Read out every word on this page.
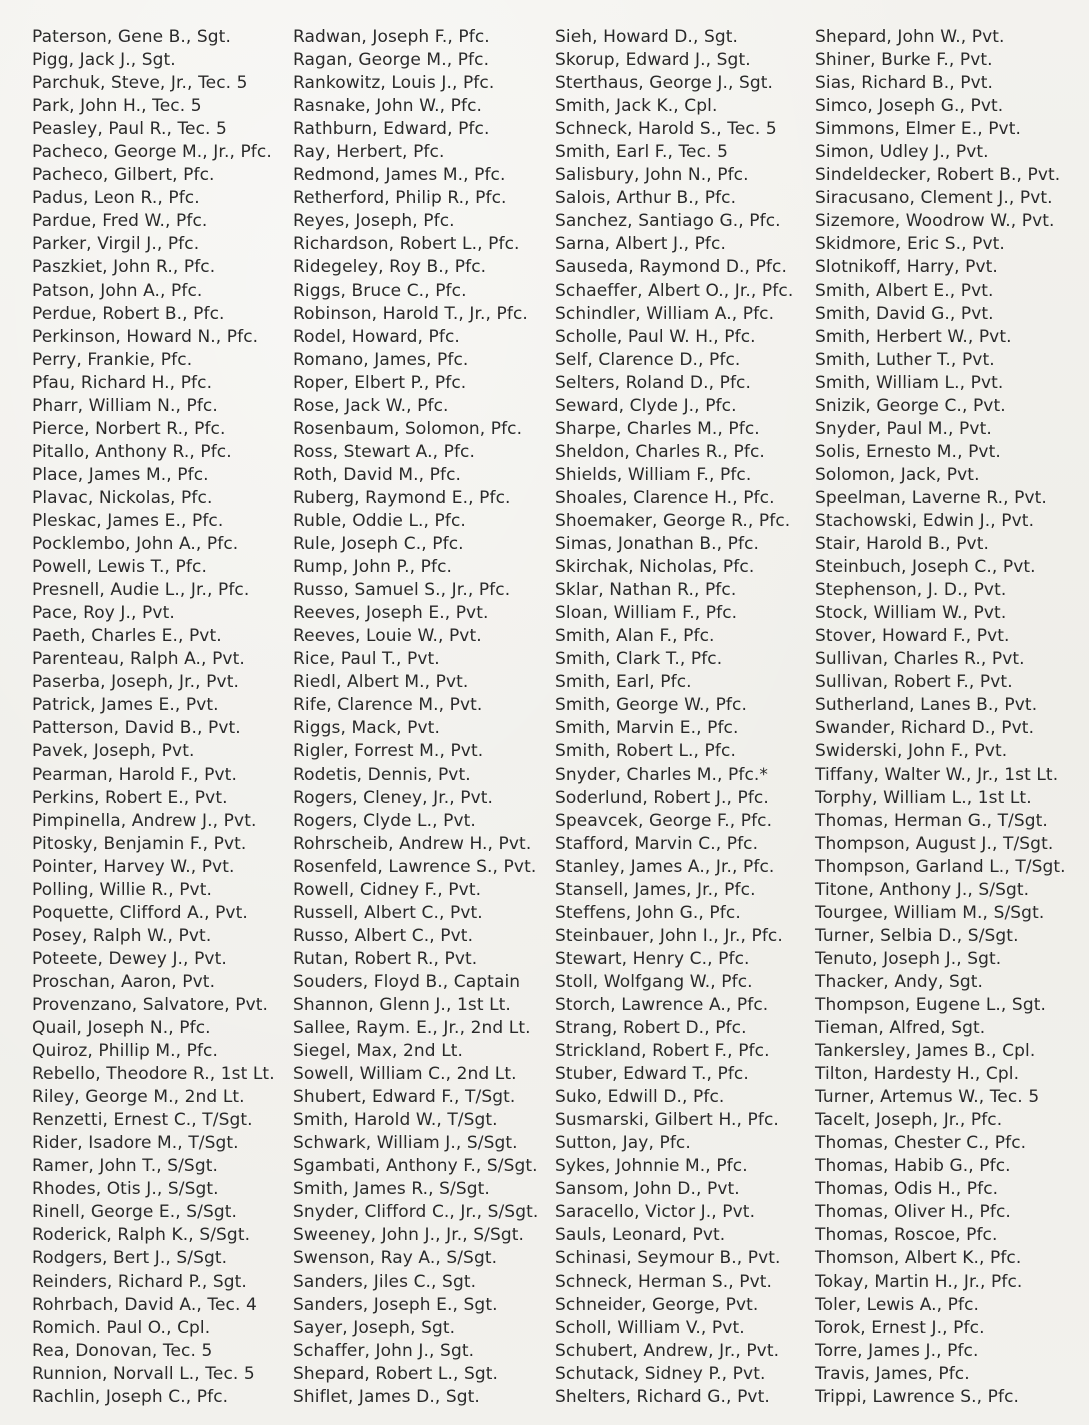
Paterson, Gene B., Sgt.
Pigg, Jack J., Sgt.
Parchuk, Steve, Jr., Tec. 5
Park, John H., Tec. 5
Peasley, Paul R., Tec. 5
Pacheco, George M., Jr., Pfc.
Pacheco, Gilbert, Pfc.
Padus, Leon R., Pfc.
Pardue, Fred W., Pfc.
Parker, Virgil J., Pfc.
Paszkiet, John R., Pfc.
Patson, John A., Pfc.
Perdue, Robert B., Pfc.
Perkinson, Howard N., Pfc.
Perry, Frankie, Pfc.
Pfau, Richard H., Pfc.
Pharr, William N., Pfc.
Pierce, Norbert R., Pfc.
Pitallo, Anthony R., Pfc.
Place, James M., Pfc.
Plavac, Nickolas, Pfc.
Pleskac, James E., Pfc.
Pocklembo, John A., Pfc.
Powell, Lewis T., Pfc.
Presnell, Audie L., Jr., Pfc.
Pace, Roy J., Pvt.
Paeth, Charles E., Pvt.
Parenteau, Ralph A., Pvt.
Paserba, Joseph, Jr., Pvt.
Patrick, James E., Pvt.
Patterson, David B., Pvt.
Pavek, Joseph, Pvt.
Pearman, Harold F., Pvt.
Perkins, Robert E., Pvt.
Pimpinella, Andrew J., Pvt.
Pitosky, Benjamin F., Pvt.
Pointer, Harvey W., Pvt.
Polling, Willie R., Pvt.
Poquette, Clifford A., Pvt.
Posey, Ralph W., Pvt.
Poteete, Dewey J., Pvt.
Proschan, Aaron, Pvt.
Provenzano, Salvatore, Pvt.
Quail, Joseph N., Pfc.
Quiroz, Phillip M., Pfc.
Rebello, Theodore R., 1st Lt.
Riley, George M., 2nd Lt.
Renzetti, Ernest C., T/Sgt.
Rider, Isadore M., T/Sgt.
Ramer, John T., S/Sgt.
Rhodes, Otis J., S/Sgt.
Rinell, George E., S/Sgt.
Roderick, Ralph K., S/Sgt.
Rodgers, Bert J., S/Sgt.
Reinders, Richard P., Sgt.
Rohrbach, David A., Tec. 4
Romich. Paul O., Cpl.
Rea, Donovan, Tec. 5
Runnion, Norvall L., Tec. 5
Rachlin, Joseph C., Pfc.
Radwan, Joseph F., Pfc.
Ragan, George M., Pfc.
Rankowitz, Louis J., Pfc.
Rasnake, John W., Pfc.
Rathburn, Edward, Pfc.
Ray, Herbert, Pfc.
Redmond, James M., Pfc.
Retherford, Philip R., Pfc.
Reyes, Joseph, Pfc.
Richardson, Robert L., Pfc.
Ridegeley, Roy B., Pfc.
Riggs, Bruce C., Pfc.
Robinson, Harold T., Jr., Pfc.
Rodel, Howard, Pfc.
Romano, James, Pfc.
Roper, Elbert P., Pfc.
Rose, Jack W., Pfc.
Rosenbaum, Solomon, Pfc.
Ross, Stewart A., Pfc.
Roth, David M., Pfc.
Ruberg, Raymond E., Pfc.
Ruble, Oddie L., Pfc.
Rule, Joseph C., Pfc.
Rump, John P., Pfc.
Russo, Samuel S., Jr., Pfc.
Reeves, Joseph E., Pvt.
Reeves, Louie W., Pvt.
Rice, Paul T., Pvt.
Riedl, Albert M., Pvt.
Rife, Clarence M., Pvt.
Riggs, Mack, Pvt.
Rigler, Forrest M., Pvt.
Rodetis, Dennis, Pvt.
Rogers, Cleney, Jr., Pvt.
Rogers, Clyde L., Pvt.
Rohrscheib, Andrew H., Pvt.
Rosenfeld, Lawrence S., Pvt.
Rowell, Cidney F., Pvt.
Russell, Albert C., Pvt.
Russo, Albert C., Pvt.
Rutan, Robert R., Pvt.
Souders, Floyd B., Captain
Shannon, Glenn J., 1st Lt.
Sallee, Raym. E., Jr., 2nd Lt.
Siegel, Max, 2nd Lt.
Sowell, William C., 2nd Lt.
Shubert, Edward F., T/Sgt.
Smith, Harold W., T/Sgt.
Schwark, William J., S/Sgt.
Sgambati, Anthony F., S/Sgt.
Smith, James R., S/Sgt.
Snyder, Clifford C., Jr., S/Sgt.
Sweeney, John J., Jr., S/Sgt.
Swenson, Ray A., S/Sgt.
Sanders, Jiles C., Sgt.
Sanders, Joseph E., Sgt.
Sayer, Joseph, Sgt.
Schaffer, John J., Sgt.
Shepard, Robert L., Sgt.
Shiflet, James D., Sgt.
Sieh, Howard D., Sgt.
Skorup, Edward J., Sgt.
Sterthaus, George J., Sgt.
Smith, Jack K., Cpl.
Schneck, Harold S., Tec. 5
Smith, Earl F., Tec. 5
Salisbury, John N., Pfc.
Salois, Arthur B., Pfc.
Sanchez, Santiago G., Pfc.
Sarna, Albert J., Pfc.
Sauseda, Raymond D., Pfc.
Schaeffer, Albert O., Jr., Pfc.
Schindler, William A., Pfc.
Scholle, Paul W. H., Pfc.
Self, Clarence D., Pfc.
Selters, Roland D., Pfc.
Seward, Clyde J., Pfc.
Sharpe, Charles M., Pfc.
Sheldon, Charles R., Pfc.
Shields, William F., Pfc.
Shoales, Clarence H., Pfc.
Shoemaker, George R., Pfc.
Simas, Jonathan B., Pfc.
Skirchak, Nicholas, Pfc.
Sklar, Nathan R., Pfc.
Sloan, William F., Pfc.
Smith, Alan F., Pfc.
Smith, Clark T., Pfc.
Smith, Earl, Pfc.
Smith, George W., Pfc.
Smith, Marvin E., Pfc.
Smith, Robert L., Pfc.
Snyder, Charles M., Pfc.*
Soderlund, Robert J., Pfc.
Speavcek, George F., Pfc.
Stafford, Marvin C., Pfc.
Stanley, James A., Jr., Pfc.
Stansell, James, Jr., Pfc.
Steffens, John G., Pfc.
Steinbauer, John I., Jr., Pfc.
Stewart, Henry C., Pfc.
Stoll, Wolfgang W., Pfc.
Storch, Lawrence A., Pfc.
Strang, Robert D., Pfc.
Strickland, Robert F., Pfc.
Stuber, Edward T., Pfc.
Suko, Edwill D., Pfc.
Susmarski, Gilbert H., Pfc.
Sutton, Jay, Pfc.
Sykes, Johnnie M., Pfc.
Sansom, John D., Pvt.
Saracello, Victor J., Pvt.
Sauls, Leonard, Pvt.
Schinasi, Seymour B., Pvt.
Schneck, Herman S., Pvt.
Schneider, George, Pvt.
Scholl, William V., Pvt.
Schubert, Andrew, Jr., Pvt.
Schutack, Sidney P., Pvt.
Shelters, Richard G., Pvt.
Shepard, John W., Pvt.
Shiner, Burke F., Pvt.
Sias, Richard B., Pvt.
Simco, Joseph G., Pvt.
Simmons, Elmer E., Pvt.
Simon, Udley J., Pvt.
Sindeldecker, Robert B., Pvt.
Siracusano, Clement J., Pvt.
Sizemore, Woodrow W., Pvt.
Skidmore, Eric S., Pvt.
Slotnikoff, Harry, Pvt.
Smith, Albert E., Pvt.
Smith, David G., Pvt.
Smith, Herbert W., Pvt.
Smith, Luther T., Pvt.
Smith, William L., Pvt.
Snizik, George C., Pvt.
Snyder, Paul M., Pvt.
Solis, Ernesto M., Pvt.
Solomon, Jack, Pvt.
Speelman, Laverne R., Pvt.
Stachowski, Edwin J., Pvt.
Stair, Harold B., Pvt.
Steinbuch, Joseph C., Pvt.
Stephenson, J. D., Pvt.
Stock, William W., Pvt.
Stover, Howard F., Pvt.
Sullivan, Charles R., Pvt.
Sullivan, Robert F., Pvt.
Sutherland, Lanes B., Pvt.
Swander, Richard D., Pvt.
Swiderski, John F., Pvt.
Tiffany, Walter W., Jr., 1st Lt.
Torphy, William L., 1st Lt.
Thomas, Herman G., T/Sgt.
Thompson, August J., T/Sgt.
Thompson, Garland L., T/Sgt.
Titone, Anthony J., S/Sgt.
Tourgee, William M., S/Sgt.
Turner, Selbia D., S/Sgt.
Tenuto, Joseph J., Sgt.
Thacker, Andy, Sgt.
Thompson, Eugene L., Sgt.
Tieman, Alfred, Sgt.
Tankersley, James B., Cpl.
Tilton, Hardesty H., Cpl.
Turner, Artemus W., Tec. 5
Tacelt, Joseph, Jr., Pfc.
Thomas, Chester C., Pfc.
Thomas, Habib G., Pfc.
Thomas, Odis H., Pfc.
Thomas, Oliver H., Pfc.
Thomas, Roscoe, Pfc.
Thomson, Albert K., Pfc.
Tokay, Martin H., Jr., Pfc.
Toler, Lewis A., Pfc.
Torok, Ernest J., Pfc.
Torre, James J., Pfc.
Travis, James, Pfc.
Trippi, Lawrence S., Pfc.
